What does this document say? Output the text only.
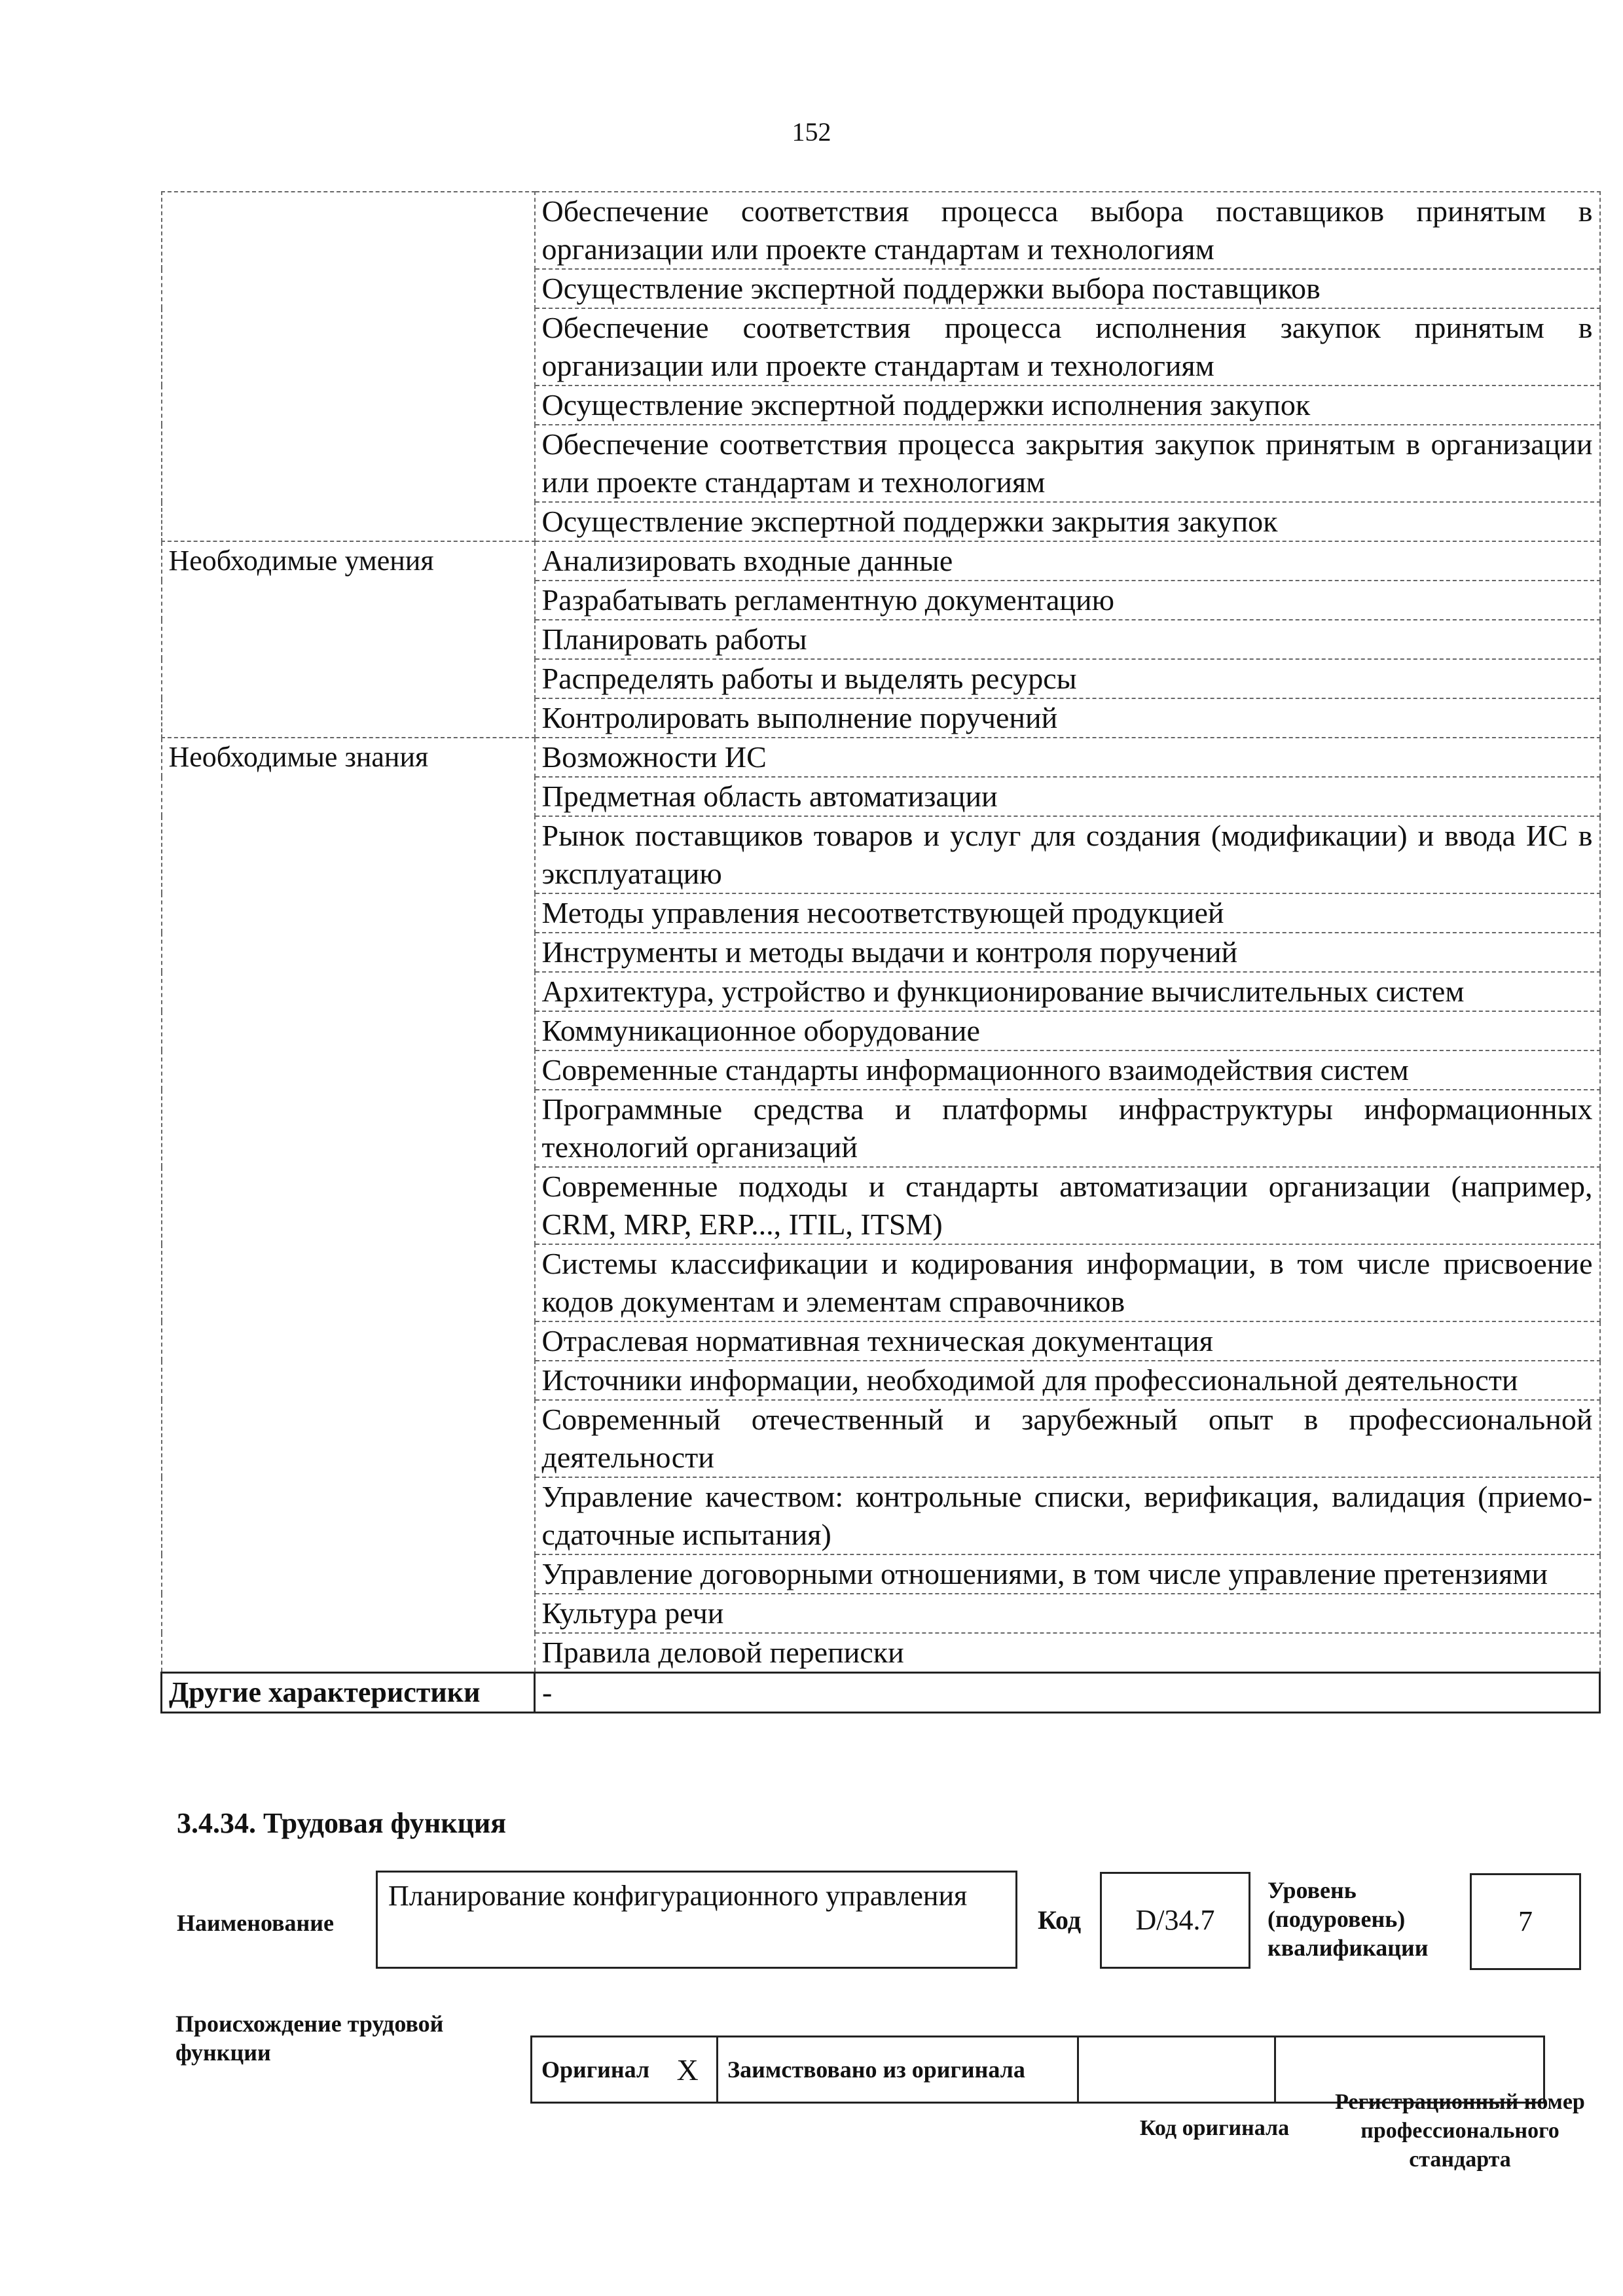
152
	Обеспечение соответствия процесса выбора поставщиков принятым в организации или проекте стандартам и технологиям
	Осуществление экспертной поддержки выбора поставщиков
	Обеспечение соответствия процесса исполнения закупок принятым в организации или проекте стандартам и технологиям
	Осуществление экспертной поддержки исполнения закупок
	Обеспечение соответствия процесса закрытия закупок принятым в организации или проекте стандартам и технологиям
	Осуществление экспертной поддержки закрытия закупок
Необходимые умения	Анализировать входные данные
	Разрабатывать регламентную документацию
	Планировать работы
	Распределять работы и выделять ресурсы
	Контролировать выполнение поручений
Необходимые знания	Возможности ИС
	Предметная область автоматизации
	Рынок поставщиков товаров и услуг для создания (модификации) и ввода ИС в эксплуатацию
	Методы управления несоответствующей продукцией
	Инструменты и методы выдачи и контроля поручений
	Архитектура, устройство и функционирование вычислительных систем
	Коммуникационное оборудование
	Современные стандарты информационного взаимодействия систем
	Программные средства и платформы инфраструктуры информационных технологий организаций
	Современные подходы и стандарты автоматизации организации (например, CRM, MRP, ERP..., ITIL, ITSM)
	Системы классификации и кодирования информации, в том числе присвоение кодов документам и элементам справочников
	Отраслевая нормативная техническая документация
	Источники информации, необходимой для профессиональной деятельности
	Современный отечественный и зарубежный опыт в профессиональной деятельности
	Управление качеством: контрольные списки, верификация, валидация (приемо-сдаточные испытания)
	Управление договорными отношениями, в том числе управление претензиями
	Культура речи
	Правила деловой переписки
Другие характеристики	-
3.4.34. Трудовая функция
Наименование
Планирование конфигурационного управления
Код D/34.7
Уровень (подуровень) квалификации
7
Происхождение трудовой функции
Оригинал	X	Заимствовано из оригинала		
Код оригинала
Регистрационный номер профессионального стандарта
